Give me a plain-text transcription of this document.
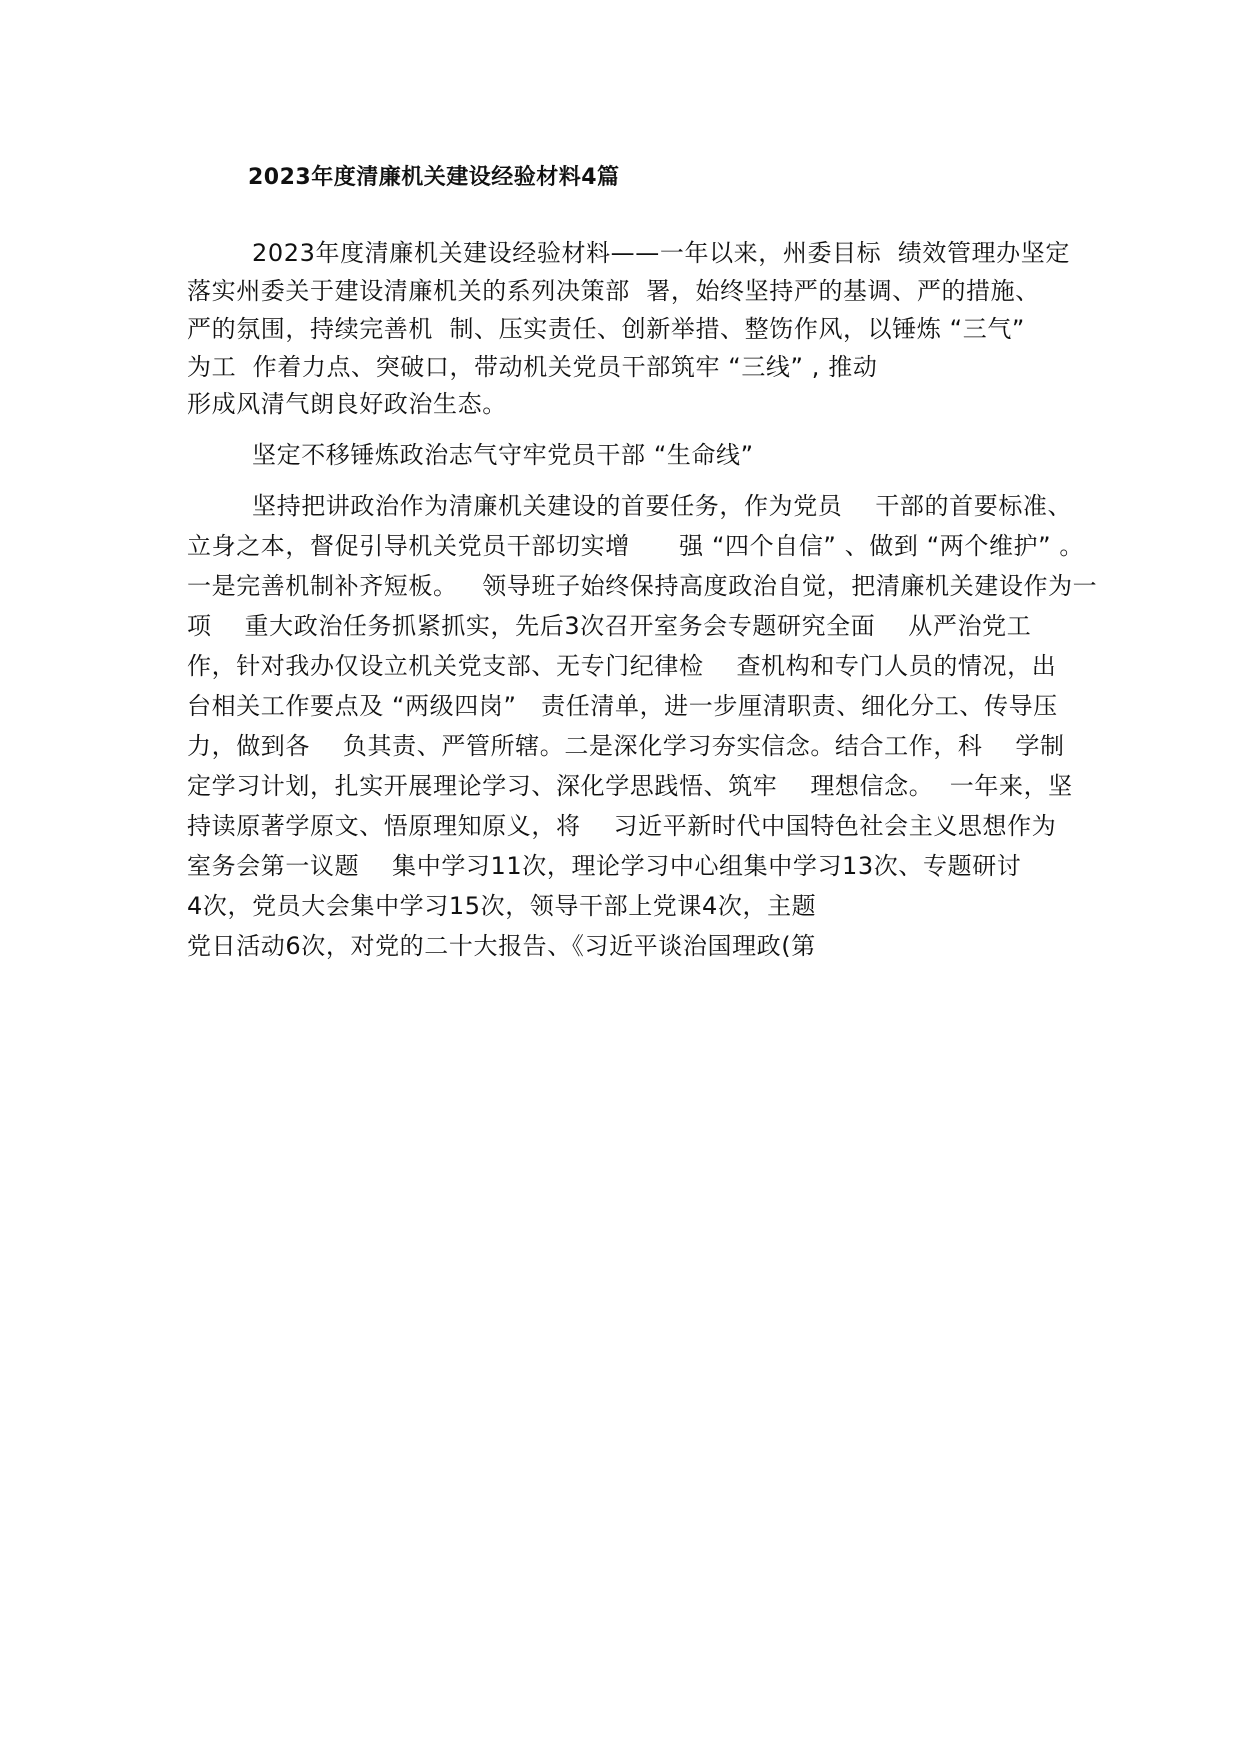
2023年度清廉机关建设经验材料4篇
2023年度清廉机关建设经验材料——一年以来，州委目标  绩效管理办坚定
落实州委关于建设清廉机关的系列决策部  署，始终坚持严的基调、严的措施、
严的氛围，持续完善机  制、压实责任、创新举措、整饬作风，以锤炼 “三气”
为工  作着力点、突破口，带动机关党员干部筑牢 “三线” , 推动
形成风清气朗良好政治生态。
坚定不移锤炼政治志气守牢党员干部 “生命线”
坚持把讲政治作为清廉机关建设的首要任务，作为党员    干部的首要标准、
立身之本，督促引导机关党员干部切实增      强 “四个自信” 、做到 “两个维护” 。
一是完善机制补齐短板。   领导班子始终保持高度政治自觉，把清廉机关建设作为一
项    重大政治任务抓紧抓实，先后3次召开室务会专题研究全面    从严治党工
作，针对我办仅设立机关党支部、无专门纪律检    查机构和专门人员的情况，出
台相关工作要点及 “两级四岗”   责任清单，进一步厘清职责、细化分工、传导压
力，做到各    负其责、严管所辖。二是深化学习夯实信念。结合工作，科    学制
定学习计划，扎实开展理论学习、深化学思践悟、筑牢    理想信念。  一年来，坚
持读原著学原文、悟原理知原义，将    习近平新时代中国特色社会主义思想作为
室务会第一议题    集中学习11次，理论学习中心组集中学习13次、专题研讨
4次，党员大会集中学习15次，领导干部上党课4次，主题
党日活动6次，对党的二十大报告、《习近平谈治国理政(第
